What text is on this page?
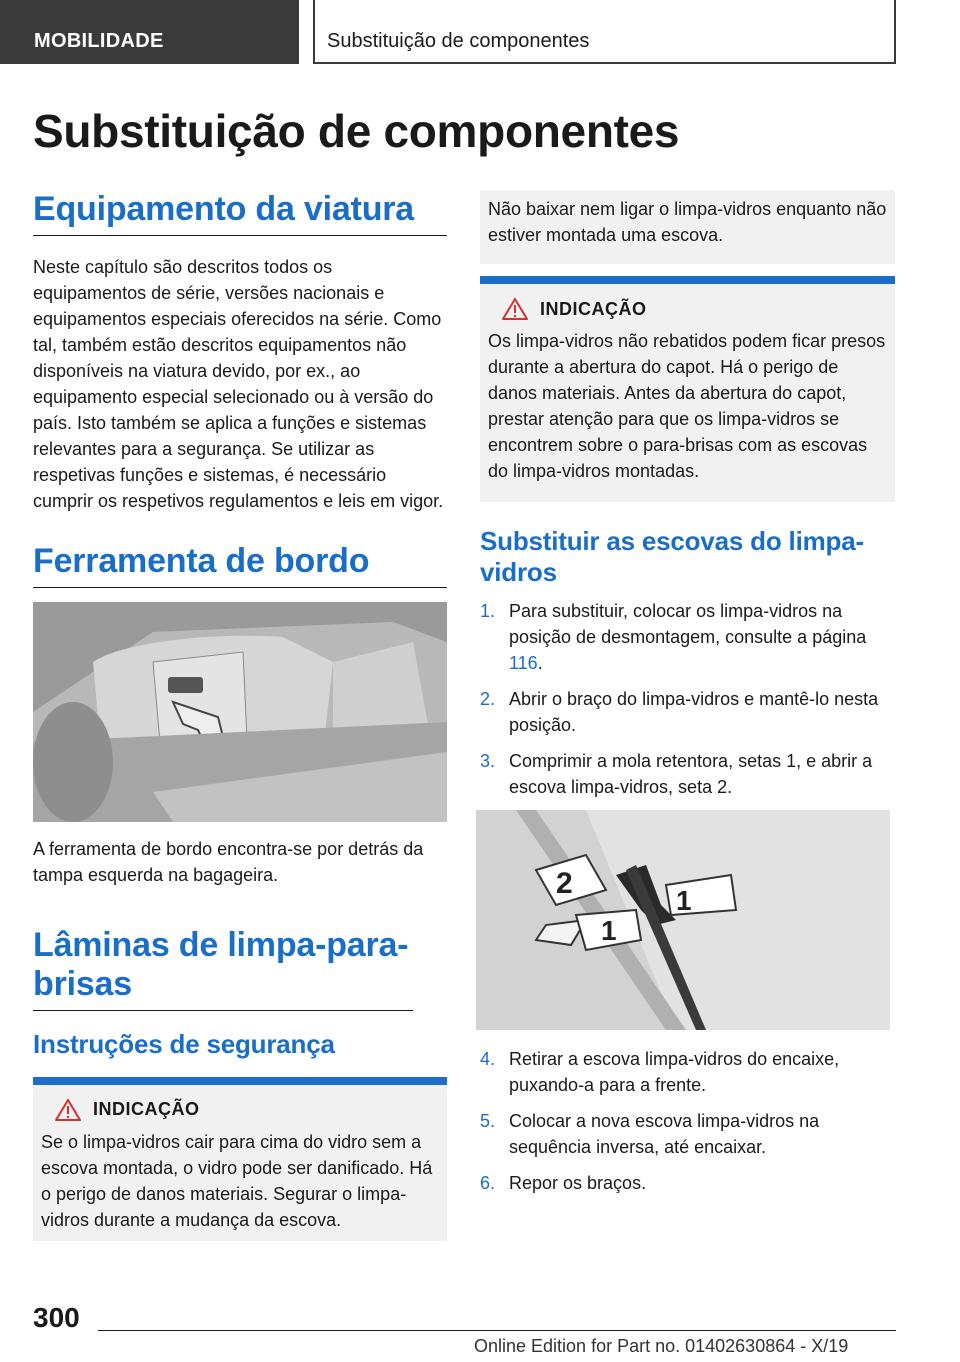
MOBILIDADE	Substituição de componentes
Substituição de componentes
Equipamento da viatura

Neste capítulo são descritos todos os equipamentos de série, versões nacionais e equipamentos especiais oferecidos na série. Como tal, também estão descritos equipamentos não disponíveis na viatura devido, por ex., ao equipamento especial selecionado ou à versão do país. Isto também se aplica a funções e sistemas relevantes para a segurança. Se utilizar as respetivas funções e sistemas, é necessário cumprir os respetivos regulamentos e leis em vigor.

Ferramenta de bordo

A ferramenta de bordo encontra-se por detrás da tampa esquerda na bagageira.

Lâminas de limpa-para-brisas
Instruções de segurança
INDICAÇÃO

Se o limpa-vidros cair para cima do vidro sem a escova montada, o vidro pode ser danificado. Há o perigo de danos materiais. Segurar o limpa-vidros durante a mudança da escova.

Não baixar nem ligar o limpa-vidros enquanto não estiver montada uma escova.

INDICAÇÃO

Os limpa-vidros não rebatidos podem ficar presos durante a abertura do capot. Há o perigo de danos materiais. Antes da abertura do capot, prestar atenção para que os limpa-vidros se encontrem sobre o para-brisas com as escovas do limpa-vidros montadas.

Substituir as escovas do limpa-vidros
1. Para substituir, colocar os limpa-vidros na posição de desmontagem, consulte a página 116.
2. Abrir o braço do limpa-vidros e mantê-lo nesta posição.
3. Comprimir a mola retentora, setas 1, e abrir a escova limpa-vidros, seta 2.
2
1
1
4. Retirar a escova limpa-vidros do encaixe, puxando-a para a frente.
5. Colocar a nova escova limpa-vidros na sequência inversa, até encaixar.
6. Repor os braços.
300
Online Edition for Part no. 01402630864 - X/19
